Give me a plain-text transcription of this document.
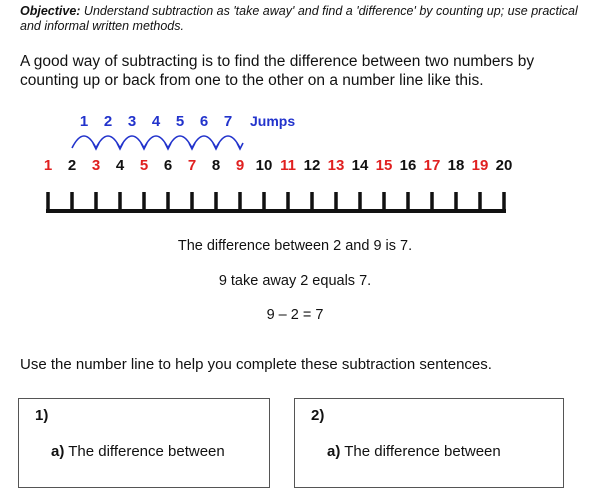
Objective: Understand subtraction as 'take away' and find a 'difference' by counting up; use practical and informal written methods.
A good way of subtracting is to find the difference between two numbers by counting up or back from one to the other on a number line like this.
1 2 3 4 5 6 7 Jumps
1 2 3 4 5 6 7 8 9 10 11 12 13 14 15 16 17 18 19 20
The difference between 2 and 9 is 7.
9 take away 2 equals 7.
9 – 2 = 7
Use the number line to help you complete these subtraction sentences.
1)
a) The difference between
2)
a) The difference between
